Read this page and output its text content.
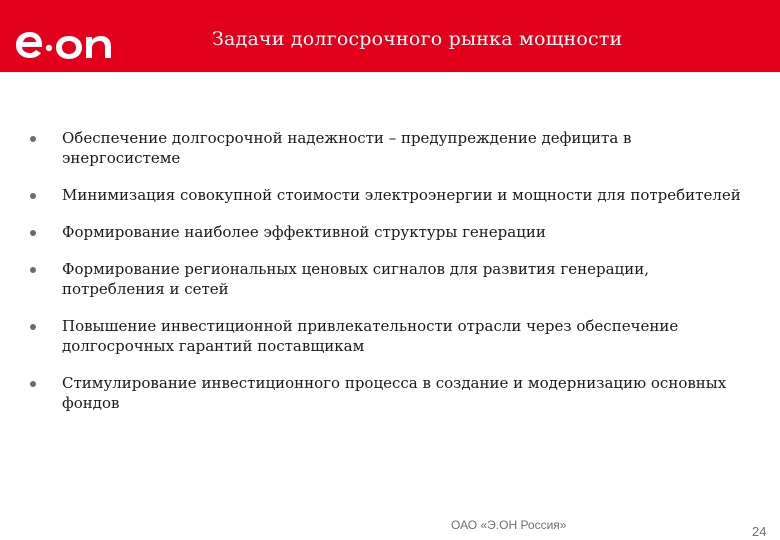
Задачи долгосрочного рынка мощности
Обеспечение долгосрочной надежности – предупреждение дефицита в энергосистеме
Минимизация совокупной стоимости электроэнергии и мощности для потребителей
Формирование наиболее эффективной структуры генерации
Формирование региональных ценовых сигналов для развития генерации, потребления и сетей
Повышение инвестиционной привлекательности отрасли через обеспечение долгосрочных гарантий поставщикам
Стимулирование инвестиционного процесса в создание и модернизацию основных фондов
ОАО «Э.ОН Россия»	24
